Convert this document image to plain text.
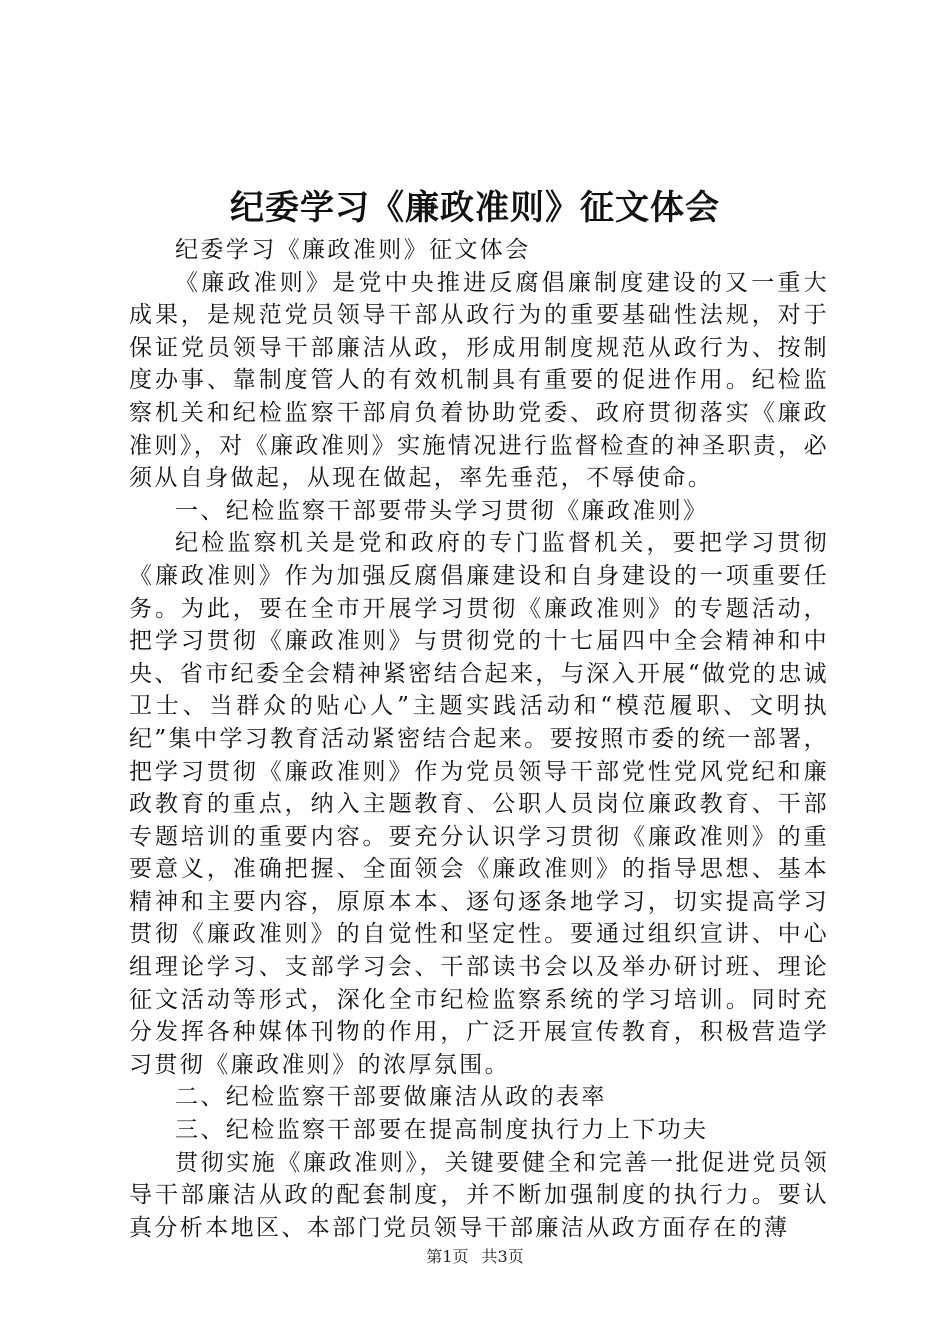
纪委学习《廉政准则》征文体会

纪委学习《廉政准则》征文体会

《廉政准则》是党中央推进反腐倡廉制度建设的又一重大成果，是规范党员领导干部从政行为的重要基础性法规，对于保证党员领导干部廉洁从政，形成用制度规范从政行为、按制度办事、靠制度管人的有效机制具有重要的促进作用。纪检监察机关和纪检监察干部肩负着协助党委、政府贯彻落实《廉政准则》，对《廉政准则》实施情况进行监督检查的神圣职责，必须从自身做起，从现在做起，率先垂范，不辱使命。

一、纪检监察干部要带头学习贯彻《廉政准则》

纪检监察机关是党和政府的专门监督机关，要把学习贯彻《廉政准则》作为加强反腐倡廉建设和自身建设的一项重要任务。为此，要在全市开展学习贯彻《廉政准则》的专题活动，把学习贯彻《廉政准则》与贯彻党的十七届四中全会精神和中央、省市纪委全会精神紧密结合起来，与深入开展“做党的忠诚卫士、当群众的贴心人”主题实践活动和“模范履职、文明执纪”集中学习教育活动紧密结合起来。要按照市委的统一部署，把学习贯彻《廉政准则》作为党员领导干部党性党风党纪和廉政教育的重点，纳入主题教育、公职人员岗位廉政教育、干部专题培训的重要内容。要充分认识学习贯彻《廉政准则》的重要意义，准确把握、全面领会《廉政准则》的指导思想、基本精神和主要内容，原原本本、逐句逐条地学习，切实提高学习贯彻《廉政准则》的自觉性和坚定性。要通过组织宣讲、中心组理论学习、支部学习会、干部读书会以及举办研讨班、理论征文活动等形式，深化全市纪检监察系统的学习培训。同时充分发挥各种媒体刊物的作用，广泛开展宣传教育，积极营造学习贯彻《廉政准则》的浓厚氛围。

二、纪检监察干部要做廉洁从政的表率

三、纪检监察干部要在提高制度执行力上下功夫

贯彻实施《廉政准则》，关键要健全和完善一批促进党员领导干部廉洁从政的配套制度，并不断加强制度的执行力。要认真分析本地区、本部门党员领导干部廉洁从政方面存在的薄

第1页 共3页
